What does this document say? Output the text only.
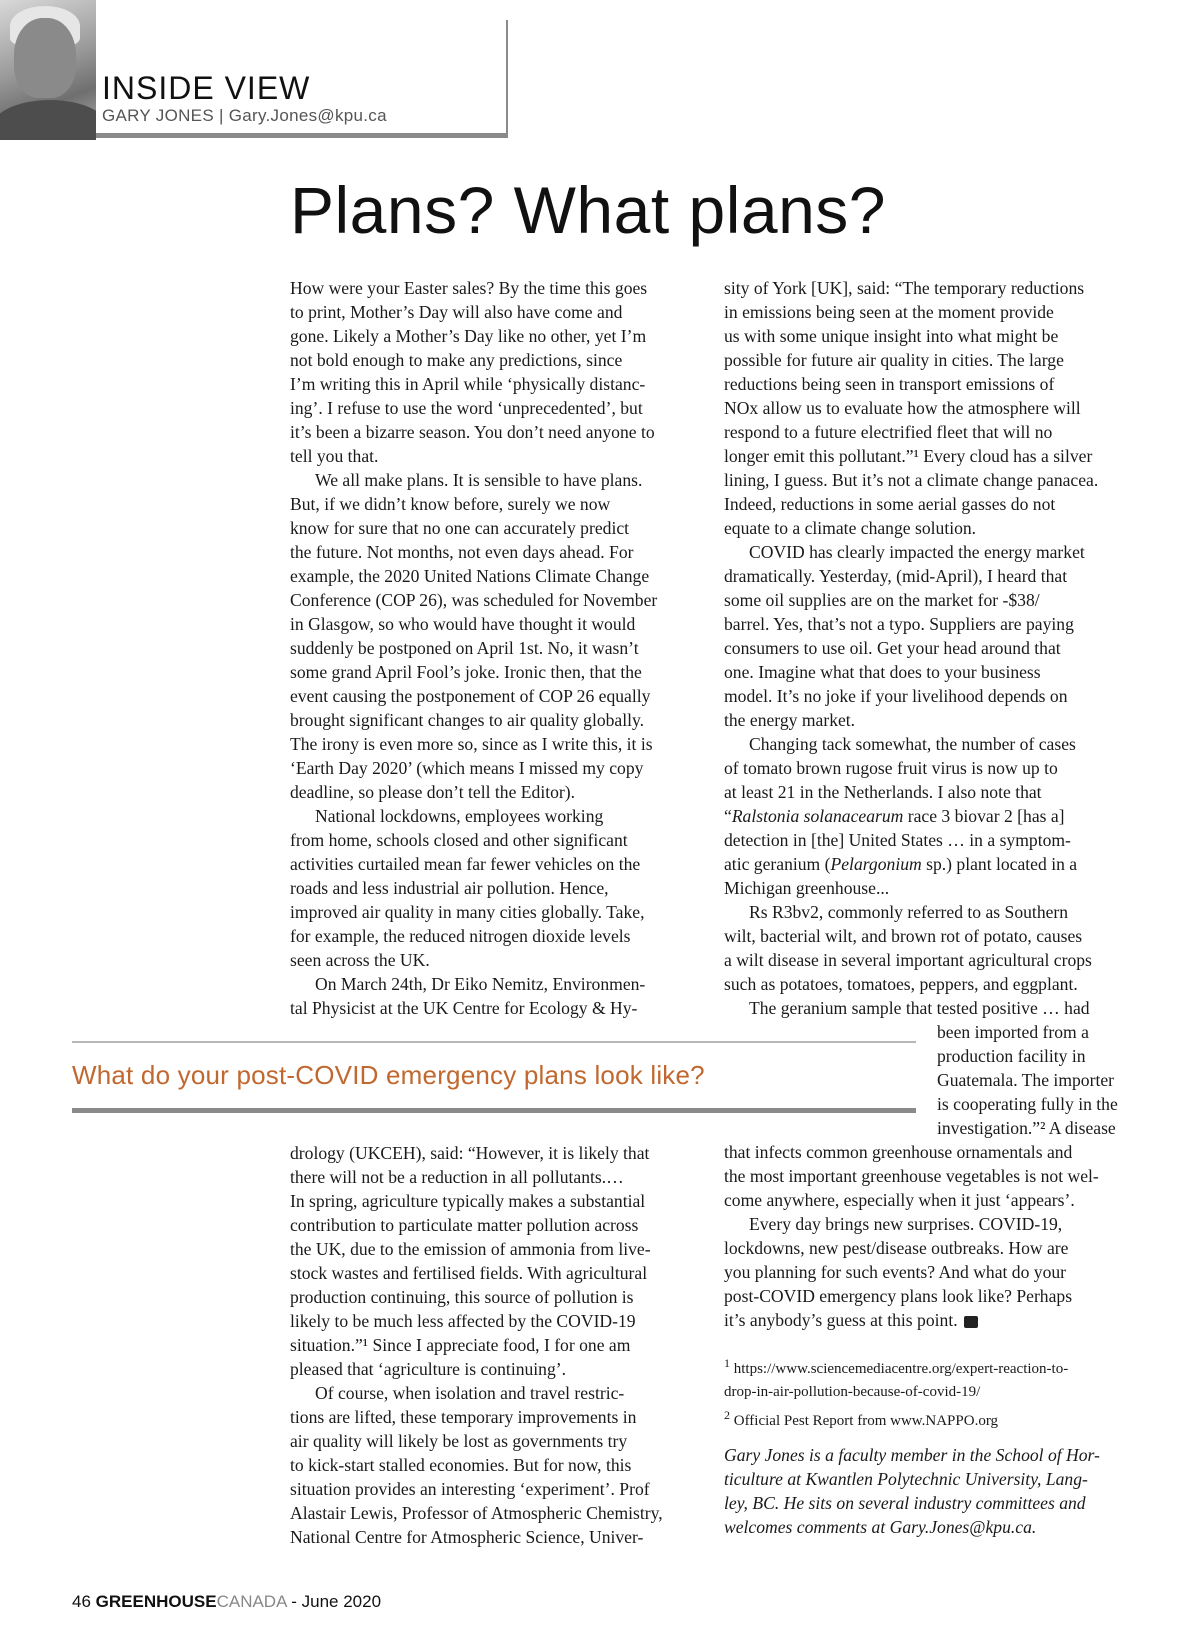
INSIDE VIEW
GARY JONES | Gary.Jones@kpu.ca
Plans? What plans?
How were your Easter sales? By the time this goes
to print, Mother’s Day will also have come and
gone. Likely a Mother’s Day like no other, yet I’m
not bold enough to make any predictions, since
I’m writing this in April while ‘physically distanc-
ing’. I refuse to use the word ‘unprecedented’, but
it’s been a bizarre season. You don’t need anyone to
tell you that.
We all make plans. It is sensible to have plans.
But, if we didn’t know before, surely we now
know for sure that no one can accurately predict
the future. Not months, not even days ahead. For
example, the 2020 United Nations Climate Change
Conference (COP 26), was scheduled for November
in Glasgow, so who would have thought it would
suddenly be postponed on April 1st. No, it wasn’t
some grand April Fool’s joke. Ironic then, that the
event causing the postponement of COP 26 equally
brought significant changes to air quality globally.
The irony is even more so, since as I write this, it is
‘Earth Day 2020’ (which means I missed my copy
deadline, so please don’t tell the Editor).
National lockdowns, employees working
from home, schools closed and other significant
activities curtailed mean far fewer vehicles on the
roads and less industrial air pollution. Hence,
improved air quality in many cities globally. Take,
for example, the reduced nitrogen dioxide levels
seen across the UK.
On March 24th, Dr Eiko Nemitz, Environmen-
tal Physicist at the UK Centre for Ecology & Hy-
drology (UKCEH), said: “However, it is likely that
there will not be a reduction in all pollutants.…
In spring, agriculture typically makes a substantial
contribution to particulate matter pollution across
the UK, due to the emission of ammonia from live-
stock wastes and fertilised fields. With agricultural
production continuing, this source of pollution is
likely to be much less affected by the COVID-19
situation.”¹ Since I appreciate food, I for one am
pleased that ‘agriculture is continuing’.
Of course, when isolation and travel restric-
tions are lifted, these temporary improvements in
air quality will likely be lost as governments try
to kick-start stalled economies. But for now, this
situation provides an interesting ‘experiment’. Prof
Alastair Lewis, Professor of Atmospheric Chemistry,
National Centre for Atmospheric Science, Univer-
sity of York [UK], said: “The temporary reductions
in emissions being seen at the moment provide
us with some unique insight into what might be
possible for future air quality in cities. The large
reductions being seen in transport emissions of
NOx allow us to evaluate how the atmosphere will
respond to a future electrified fleet that will no
longer emit this pollutant.”¹ Every cloud has a silver
lining, I guess. But it’s not a climate change panacea.
Indeed, reductions in some aerial gasses do not
equate to a climate change solution.
COVID has clearly impacted the energy market
dramatically. Yesterday, (mid-April), I heard that
some oil supplies are on the market for -$38/
barrel. Yes, that’s not a typo. Suppliers are paying
consumers to use oil. Get your head around that
one. Imagine what that does to your business
model. It’s no joke if your livelihood depends on
the energy market.
Changing tack somewhat, the number of cases
of tomato brown rugose fruit virus is now up to
at least 21 in the Netherlands. I also note that
“Ralstonia solanacearum race 3 biovar 2 [has a]
detection in [the] United States … in a symptom-
atic geranium (Pelargonium sp.) plant located in a
Michigan greenhouse...
Rs R3bv2, commonly referred to as Southern
wilt, bacterial wilt, and brown rot of potato, causes
a wilt disease in several important agricultural crops
such as potatoes, tomatoes, peppers, and eggplant.
The geranium sample that tested positive … had
been imported from a
production facility in
Guatemala. The importer
is cooperating fully in the
investigation.”² A disease
that infects common greenhouse ornamentals and
the most important greenhouse vegetables is not wel-
come anywhere, especially when it just ‘appears’.
Every day brings new surprises. COVID-19,
lockdowns, new pest/disease outbreaks. How are
you planning for such events? And what do your
post-COVID emergency plans look like? Perhaps
it’s anybody’s guess at this point.
What do your post-COVID emergency plans look like?
$^1$ https://www.sciencemediacentre.org/expert-reaction-to-
drop-in-air-pollution-because-of-covid-19/
$^2$ Official Pest Report from www.NAPPO.org
Gary Jones is a faculty member in the School of Hor-
ticulture at Kwantlen Polytechnic University, Lang-
ley, BC. He sits on several industry committees and
welcomes comments at Gary.Jones@kpu.ca.
46 GREENHOUSECANADA - June 2020
